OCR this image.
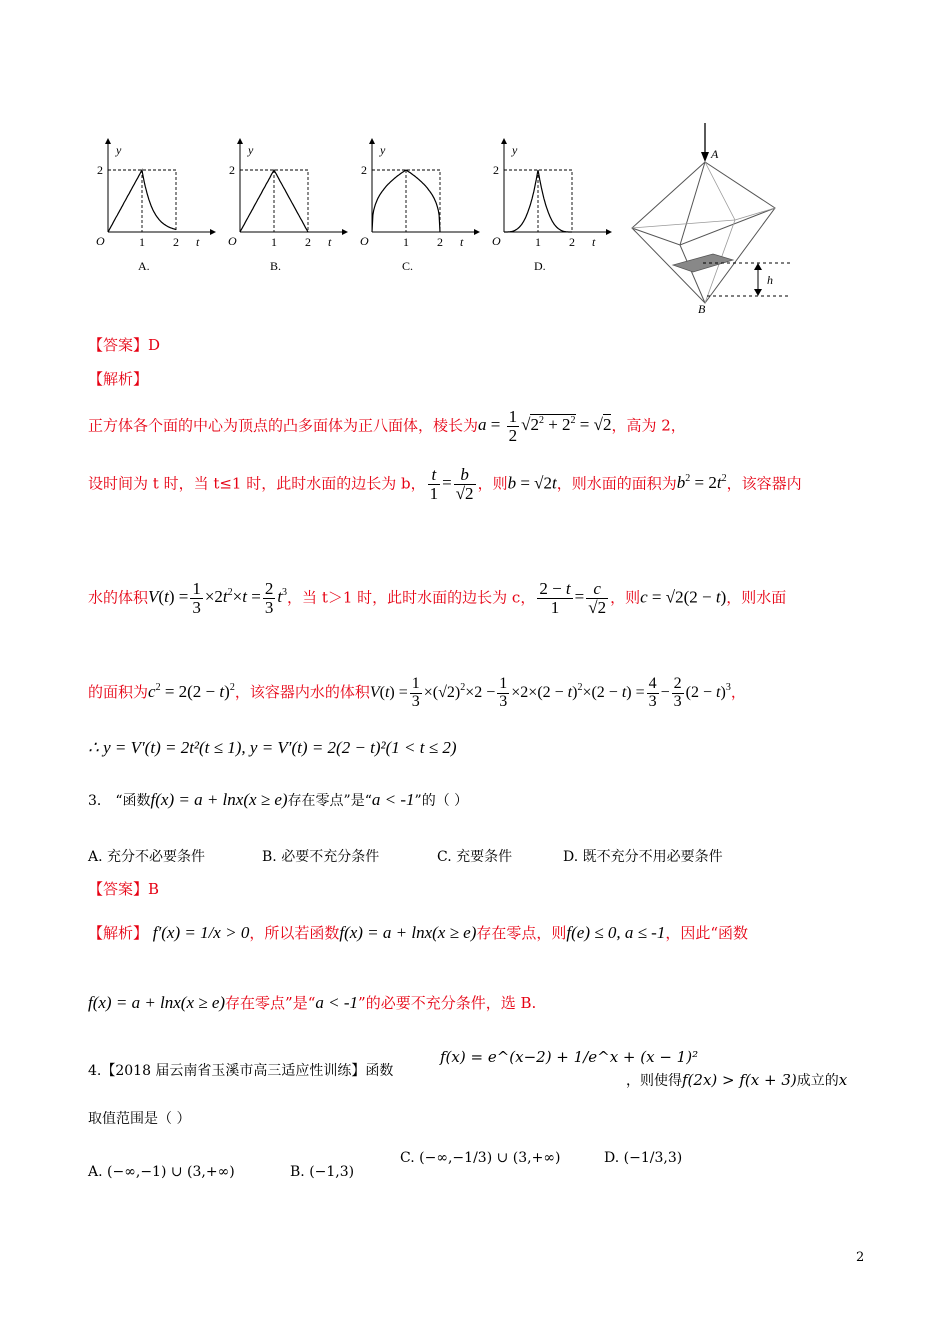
y
2
O	1 2 t
A.
y
2
O	1 2 t
B.
y
2
O	1 2 t
C.
y
2
O	1 2 t
D.
A
h
B
【答案】D
【解析】
正方体各个面的中心为顶点的凸多面体为正八面体，棱长为$a = \frac{1}{2} √2^2 + 2^2 = √2$，高为 2，
设时间为 t 时，当 t≤1 时，此时水面的边长为 b， $\frac{t}{1} = \frac{b}{√2}$ ，则b = √2t，则水面的面积为$b^2 = 2t^2$，该容器内
水的体积$V(t) = \frac{1}{3} \times 2t^2\times t = \frac{2}{3} t^3$，当 t＞1 时，此时水面的边长为 c， $\frac{2 - t}{1} = \frac{c}{√2}$ ，则c = √2(2 − t)，则水面
的面积为$c^2 = 2(2 - t)^2$，该容器内水的体积$V(t) = \frac{1}{3} \times(√2)^2\times 2 - \frac{1}{3} \times 2\times(2 - t)^2\times(2 - t) = \frac{4}{3} - \frac{2}{3} (2 - t)^3$，
∴ y = V′(t) = 2t²(t ≤ 1), y = V′(t) = 2(2 − t)²(1 < t ≤ 2)
3． “函数f(x) = a + lnx(x ≥ e)存在零点”是“a < -1”的（ ）
A. 充分不必要条件	B. 必要不充分条件	C. 充要条件	D. 既不充分不用必要条件
【答案】B
【解析】 f′(x) = 1/x > 0，所以若函数f(x) = a + lnx(x ≥ e)存在零点，则f(e) ≤ 0, a ≤ -1，因此“函数
f(x) = a + lnx(x ≥ e)存在零点”是“a < -1”的必要不充分条件，选 B.
4.【2018 届云南省玉溪市高三适应性训练】函数
f(x) = e^(x−2) + 1/e^x + (x − 1)²
，则使得f(2x) > f(x + 3)成立的x
取值范围是（ ）
A. (−∞,−1) ∪ (3,+∞)	B. (−1,3)
C. (−∞,−1/3) ∪ (3,+∞)	D. (−1/3,3)
2
